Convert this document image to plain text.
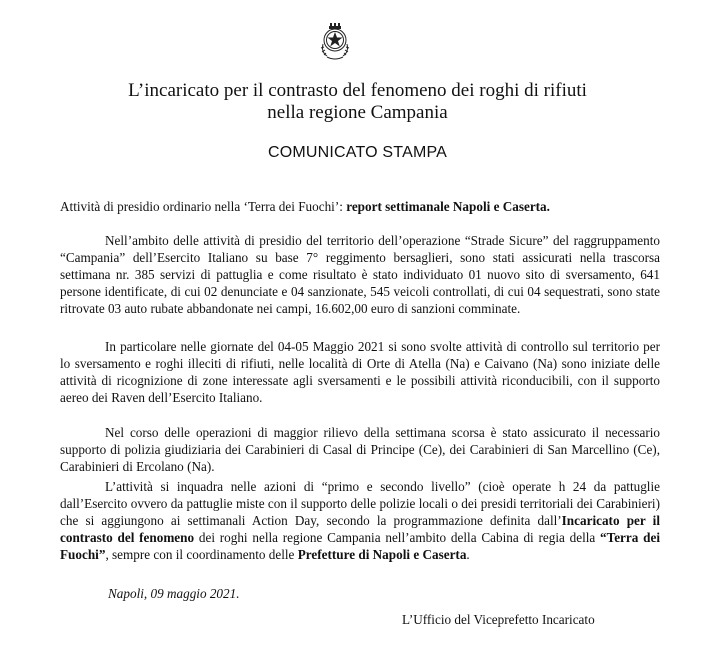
L’incaricato per il contrasto del fenomeno dei roghi di rifiuti
nella regione Campania
COMUNICATO STAMPA
Attività di presidio ordinario nella ‘Terra dei Fuochi’: report settimanale Napoli e Caserta.

Nell’ambito delle attività di presidio del territorio dell’operazione “Strade Sicure” del raggruppamento “Campania” dell’Esercito Italiano su base 7° reggimento bersaglieri, sono stati assicurati nella trascorsa settimana nr. 385 servizi di pattuglia e come risultato è stato individuato 01 nuovo sito di sversamento, 641 persone identificate, di cui 02 denunciate e 04 sanzionate, 545 veicoli controllati, di cui 04 sequestrati, sono state ritrovate 03 auto rubate abbandonate nei campi, 16.602,00 euro di sanzioni comminate.

In particolare nelle giornate del 04-05 Maggio 2021 si sono svolte attività di controllo sul territorio per lo sversamento e roghi illeciti di rifiuti, nelle località di Orte di Atella (Na) e Caivano (Na) sono iniziate delle attività di ricognizione di zone interessate agli sversamenti e le possibili attività riconducibili, con il supporto aereo dei Raven dell’Esercito Italiano.

Nel corso delle operazioni di maggior rilievo della settimana scorsa è stato assicurato il necessario supporto di polizia giudiziaria dei Carabinieri di Casal di Principe (Ce), dei Carabinieri di San Marcellino (Ce), Carabinieri di Ercolano (Na).

L’attività si inquadra nelle azioni di “primo e secondo livello” (cioè operate h 24 da pattuglie dall’Esercito ovvero da pattuglie miste con il supporto delle polizie locali o dei presidi territoriali dei Carabinieri) che si aggiungono ai settimanali Action Day, secondo la programmazione definita dall’Incaricato per il contrasto del fenomeno dei roghi nella regione Campania nell’ambito della Cabina di regia della “Terra dei Fuochi”, sempre con il coordinamento delle Prefetture di Napoli e Caserta.

Napoli, 09 maggio 2021.
L’Ufficio del Viceprefetto Incaricato
